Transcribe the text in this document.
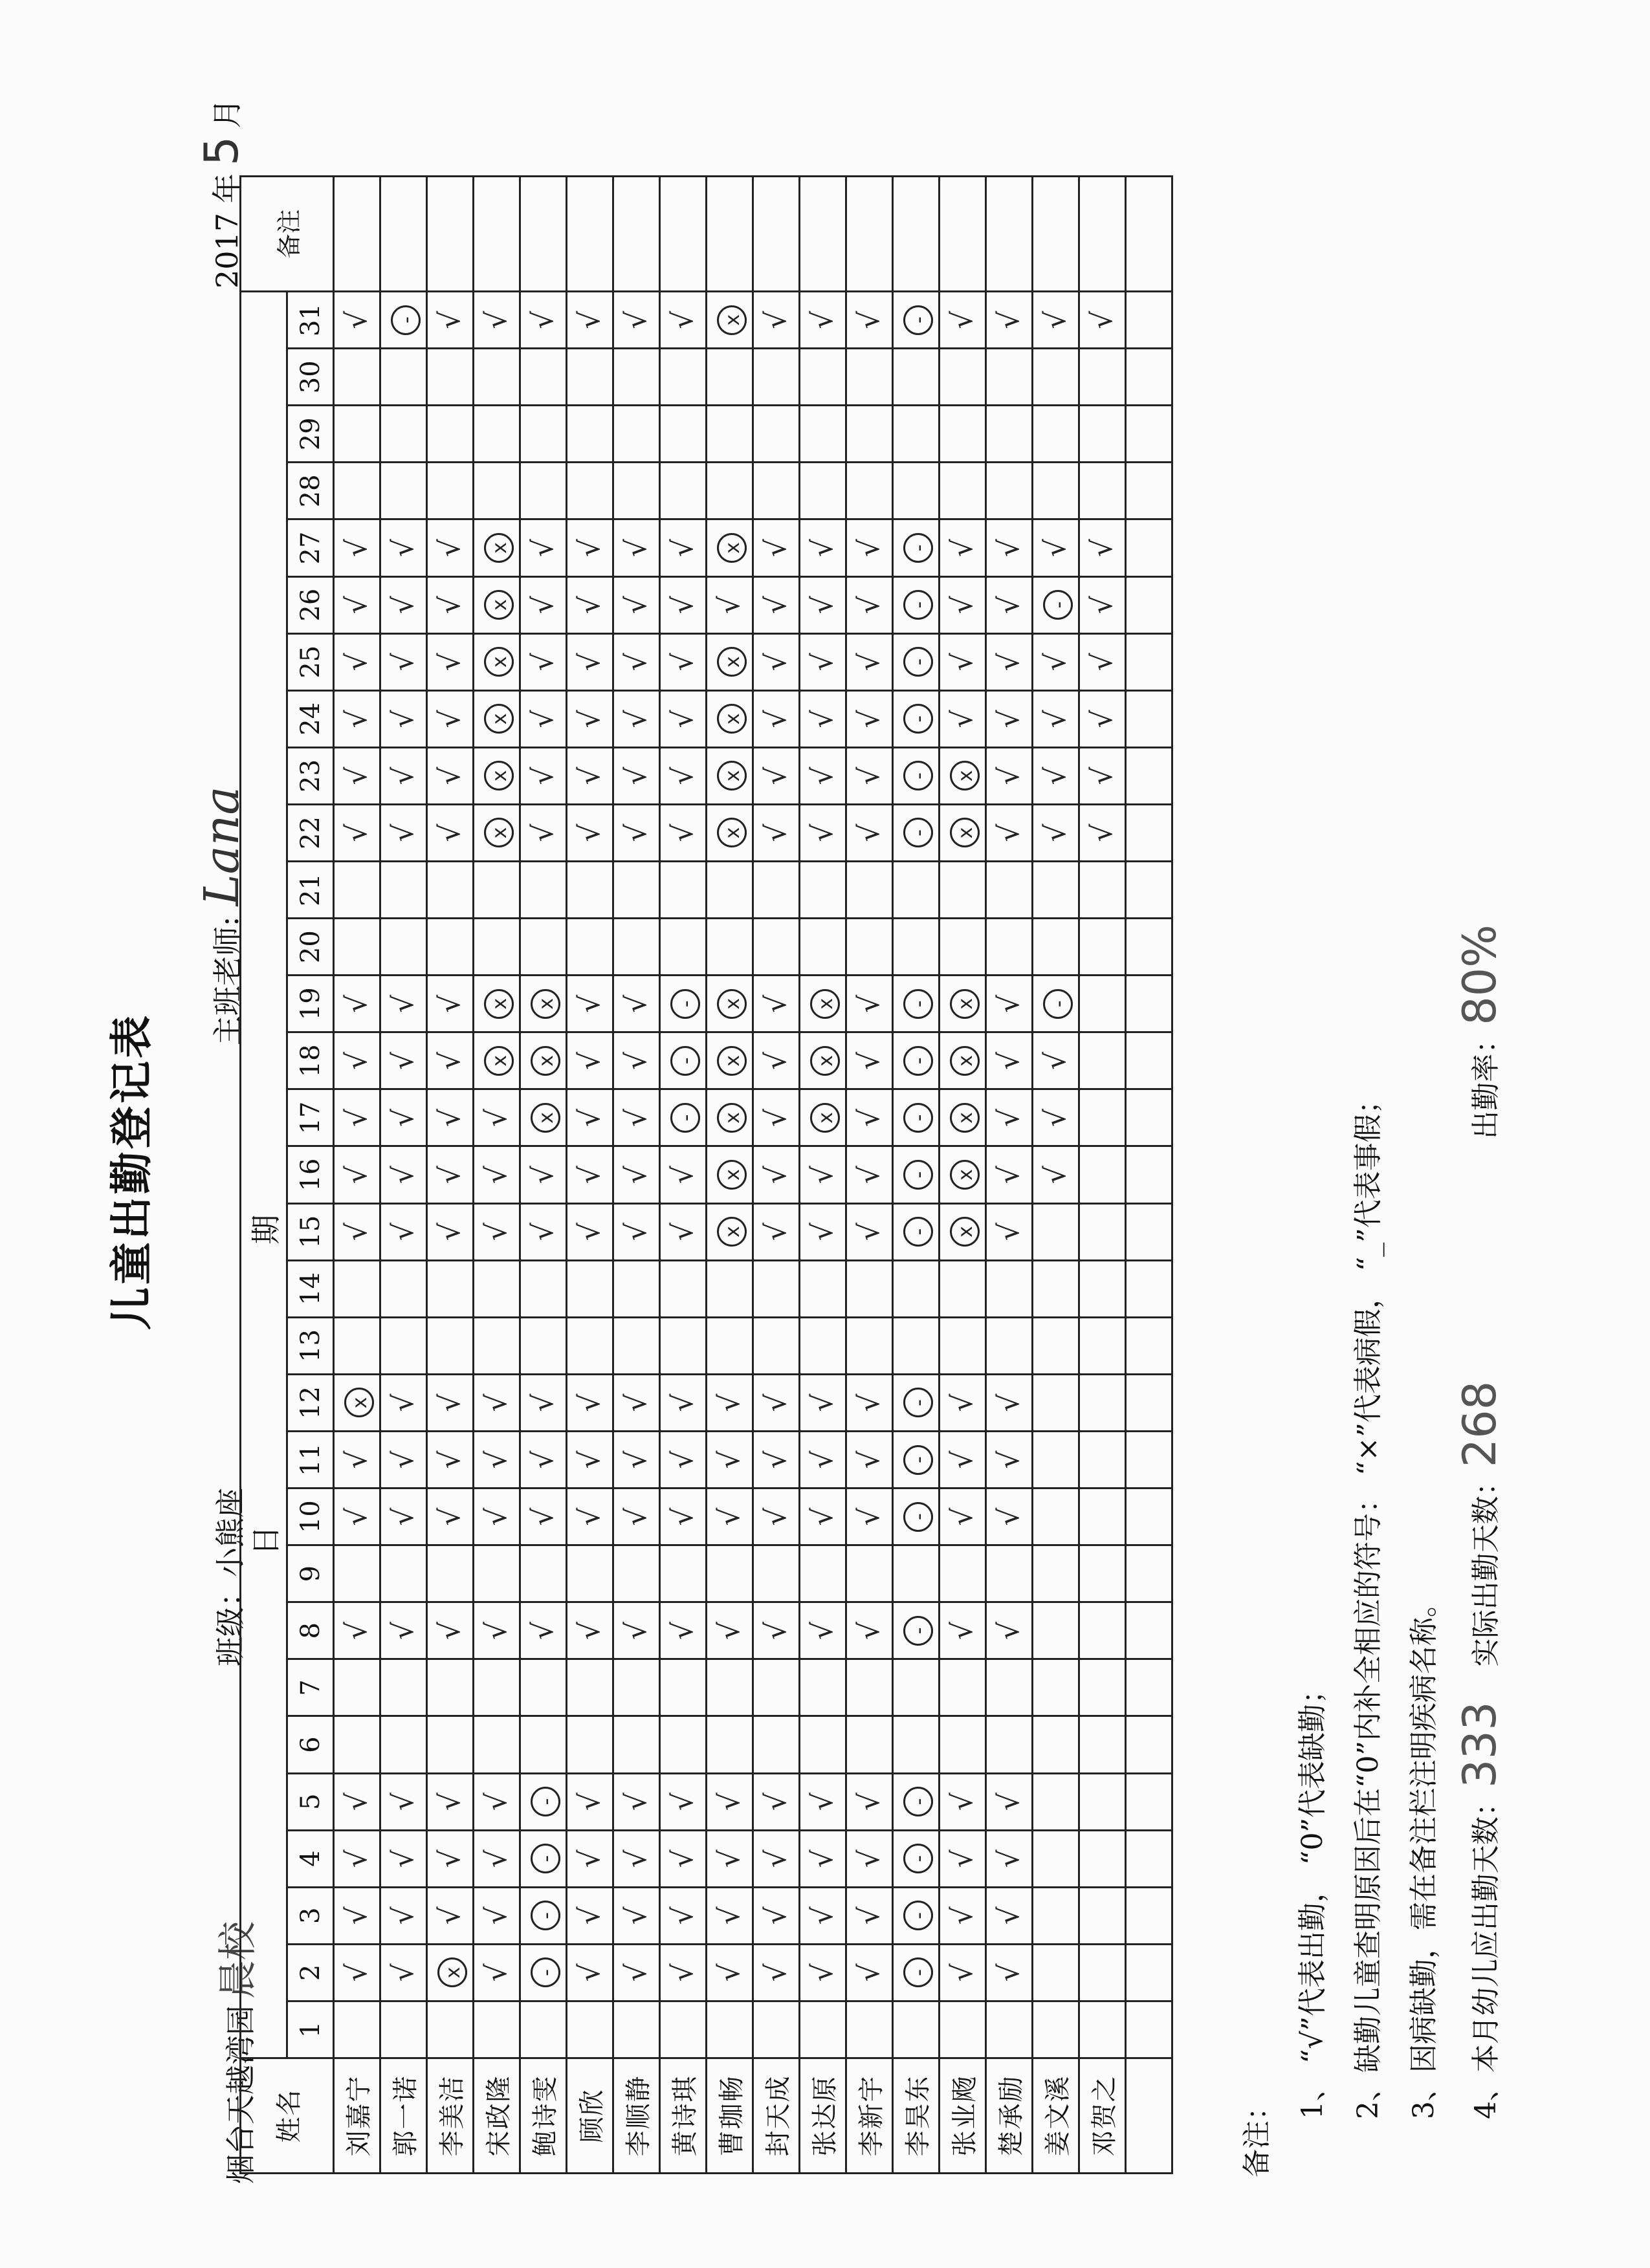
儿童出勤登记表
烟台天越湾园晨校
班级：小熊座
主班老师:Lana
2017 年5月
姓名	日 期																															备注
	1	2	3	4	5	6	7	8	9	10	11	12	13	14	15	16	17	18	19	20	21	22	23	24	25	26	27	28	29	30	31	
刘嘉宁		√	√	√	√			√		√	√	x			√	√	√	√	√			√	√	√	√	√	√				√	
郭一诺		√	√	√	√			√		√	√	√			√	√	√	√	√			√	√	√	√	√	√				-	
李美洁		x	√	√	√			√		√	√	√			√	√	√	√	√			√	√	√	√	√	√				√	
宋政隆		√	√	√	√			√		√	√	√			√	√	√	x	x			x	x	x	x	x	x				√	
鲍诗雯		-	-	-	-			√		√	√	√			√	√	x	x	x			√	√	√	√	√	√				√	
顾欣		√	√	√	√			√		√	√	√			√	√	√	√	√			√	√	√	√	√	√				√	
李顺静		√	√	√	√			√		√	√	√			√	√	√	√	√			√	√	√	√	√	√				√	
黄诗琪		√	√	√	√			√		√	√	√			√	√	-	-	-			√	√	√	√	√	√				√	
曹珈畅		√	√	√	√			√		√	√	√			x	x	x	x	x			x	x	x	x	√	x				x	
封天成		√	√	√	√			√		√	√	√			√	√	√	√	√			√	√	√	√	√	√				√	
张达原		√	√	√	√			√		√	√	√			√	√	x	x	x			√	√	√	√	√	√				√	
李新宇		√	√	√	√			√		√	√	√			√	√	√	√	√			√	√	√	√	√	√				√	
李昊东		-	-	-	-			-		-	-	-			-	-	-	-	-			-	-	-	-	-	-				-	
张业飏		√	√	√	√			√		√	√	√			x	x	x	x	x			x	x	√	√	√	√				√	
楚承励		√	√	√	√			√		√	√	√			√	√	√	√	√			√	√	√	√	√	√				√	
姜文溪																√	√	√	-			√	√	√	√	-	√				√	
邓贺之																						√	√	√	√	√	√				√	

备注：
1、 “√”代表出勤， “0”代表缺勤； 2、缺勤儿童查明原因后在“0”内补全相应的符号： “×”代表病假， “_”代表事假； 3、因病缺勤，需在备注栏注明疾病名称。	4、本月幼儿应出勤天数：333 实际出勤天数：268 出勤率：80%
